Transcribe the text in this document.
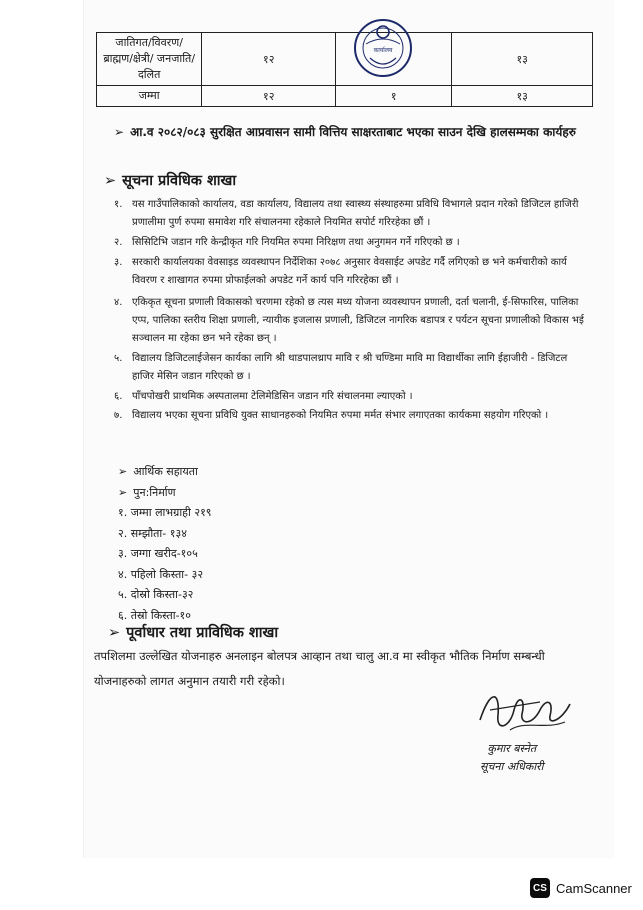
जातिगत/विवरण/ ब्राह्मण/क्षेत्री/ जनजाति/ दलित	१२		१३
जम्मा	१२	१	१३
कार्यालय
➢ आ.व २०८२/०८३ सुरक्षित आप्रवासन सामी वित्तिय साक्षरताबाट भएका साउन देखि हालसम्मका कार्यहरु
➢ सूचना प्रविधिक शाखा
१. यस गाउँपालिकाको कार्यालय, वडा कार्यालय, विद्यालय तथा स्वास्थ्य संस्थाहरुमा प्रविधि विभागले प्रदान गरेको डिजिटल हाजिरी प्रणालीमा पुर्ण रुपमा समावेश गरि संचालनमा रहेकाले नियमित सपोर्ट गरिरहेका छौं ।
२. सिसिटिभि जडान गरि केन्द्रीकृत गरि नियमित रुपमा निरिक्षण तथा अनुगमन गर्ने गरिएको छ ।
३. सरकारी कार्यालयका वेवसाइड व्यवस्थापन निर्देशिका २०७८ अनुसार वेवसाईट अपडेट गर्दै लगिएको छ भने कर्मचारीको कार्य विवरण र शाखागत रुपमा प्रोफाईलको अपडेट गर्ने कार्य पनि गरिरहेका छौं ।
४. एकिकृत सूचना प्रणाली विकासको चरणमा रहेको छ त्यस मध्य योजना व्यवस्थापन प्रणाली, दर्ता चलानी, ई-सिफारिस, पालिका एप्प, पालिका स्तरीय शिक्षा प्रणाली, न्यायीक इजलास प्रणाली, डिजिटल नागरिक बडापत्र र पर्यटन सूचना प्रणालीको विकास भई सञ्चालन मा रहेका छन भने रहेका छन् ।
५. विद्यालय डिजिटलाईजेसन कार्यका लागि श्री थाडपालथ्राप मावि र श्री चण्डिमा मावि मा विद्यार्थीका लागि ईहाजीरी - डिजिटल हाजिर मेसिन जडान गरिएको छ ।
६. पाँचपोखरी प्राथमिक अस्पतालमा टेलिमेडिसिन जडान गरि संचालनमा ल्याएको ।
७. विद्यालय भएका सूचना प्रविधि युक्त साधानहरुको नियमित रुपमा मर्मत संभार लगाएतका कार्यकमा सहयोग गरिएको ।
➢ आर्थिक सहायता
➢ पुन:निर्माण
१. जम्मा लाभग्राही २१९
२. सम्झौता- १३४
३. जग्गा खरीद-१०५
४. पहिलो किस्ता- ३२
५. दोस्रो किस्ता-३२
६. तेस्रो किस्ता-१०
➢ पूर्वाधार तथा प्राविधिक शाखा
तपशिलमा उल्लेखित योजनाहरु अनलाइन बोलपत्र आव्हान तथा चालु आ.व मा स्वीकृत भौतिक निर्माण सम्बन्धी योजनाहरुको लागत अनुमान तयारी गरी रहेको।
कुमार बस्नेत
सूचना अधिकारी
CS CamScanner
